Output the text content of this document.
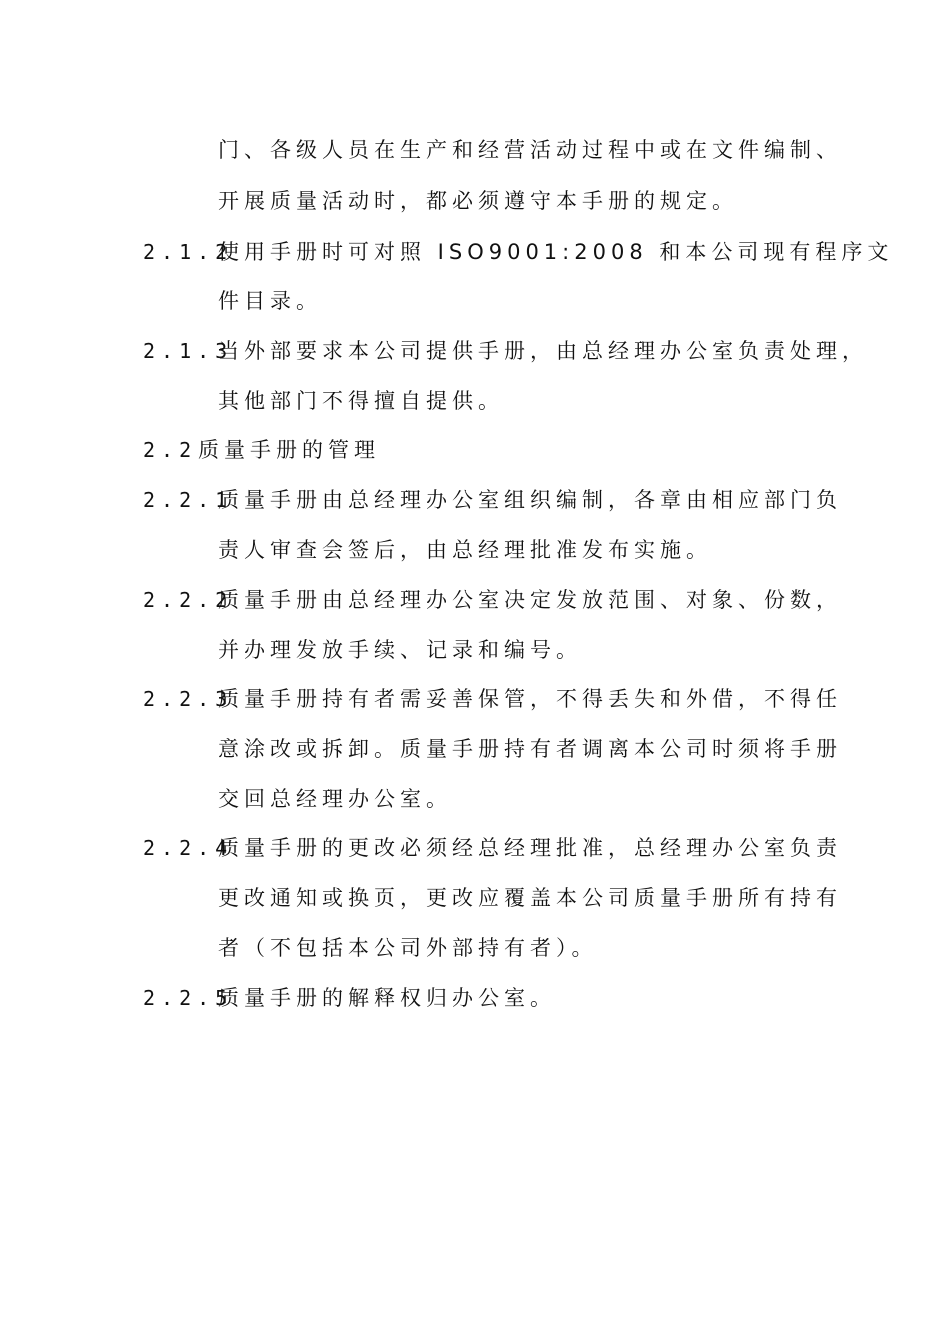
门、各级人员在生产和经营活动过程中或在文件编制、
开展质量活动时，都必须遵守本手册的规定。
2.1.2
使用手册时可对照 ISO9001:2008 和本公司现有程序文
件目录。
2.1.3
当外部要求本公司提供手册，由总经理办公室负责处理，
其他部门不得擅自提供。
2.2 质量手册的管理
2.2.1
质量手册由总经理办公室组织编制，各章由相应部门负
责人审查会签后，由总经理批准发布实施。
2.2.2
质量手册由总经理办公室决定发放范围、对象、份数，
并办理发放手续、记录和编号。
2.2.3
质量手册持有者需妥善保管，不得丢失和外借，不得任
意涂改或拆卸。质量手册持有者调离本公司时须将手册
交回总经理办公室。
2.2.4
质量手册的更改必须经总经理批准，总经理办公室负责
更改通知或换页，更改应覆盖本公司质量手册所有持有
者（不包括本公司外部持有者）。
2.2.5
质量手册的解释权归办公室。
